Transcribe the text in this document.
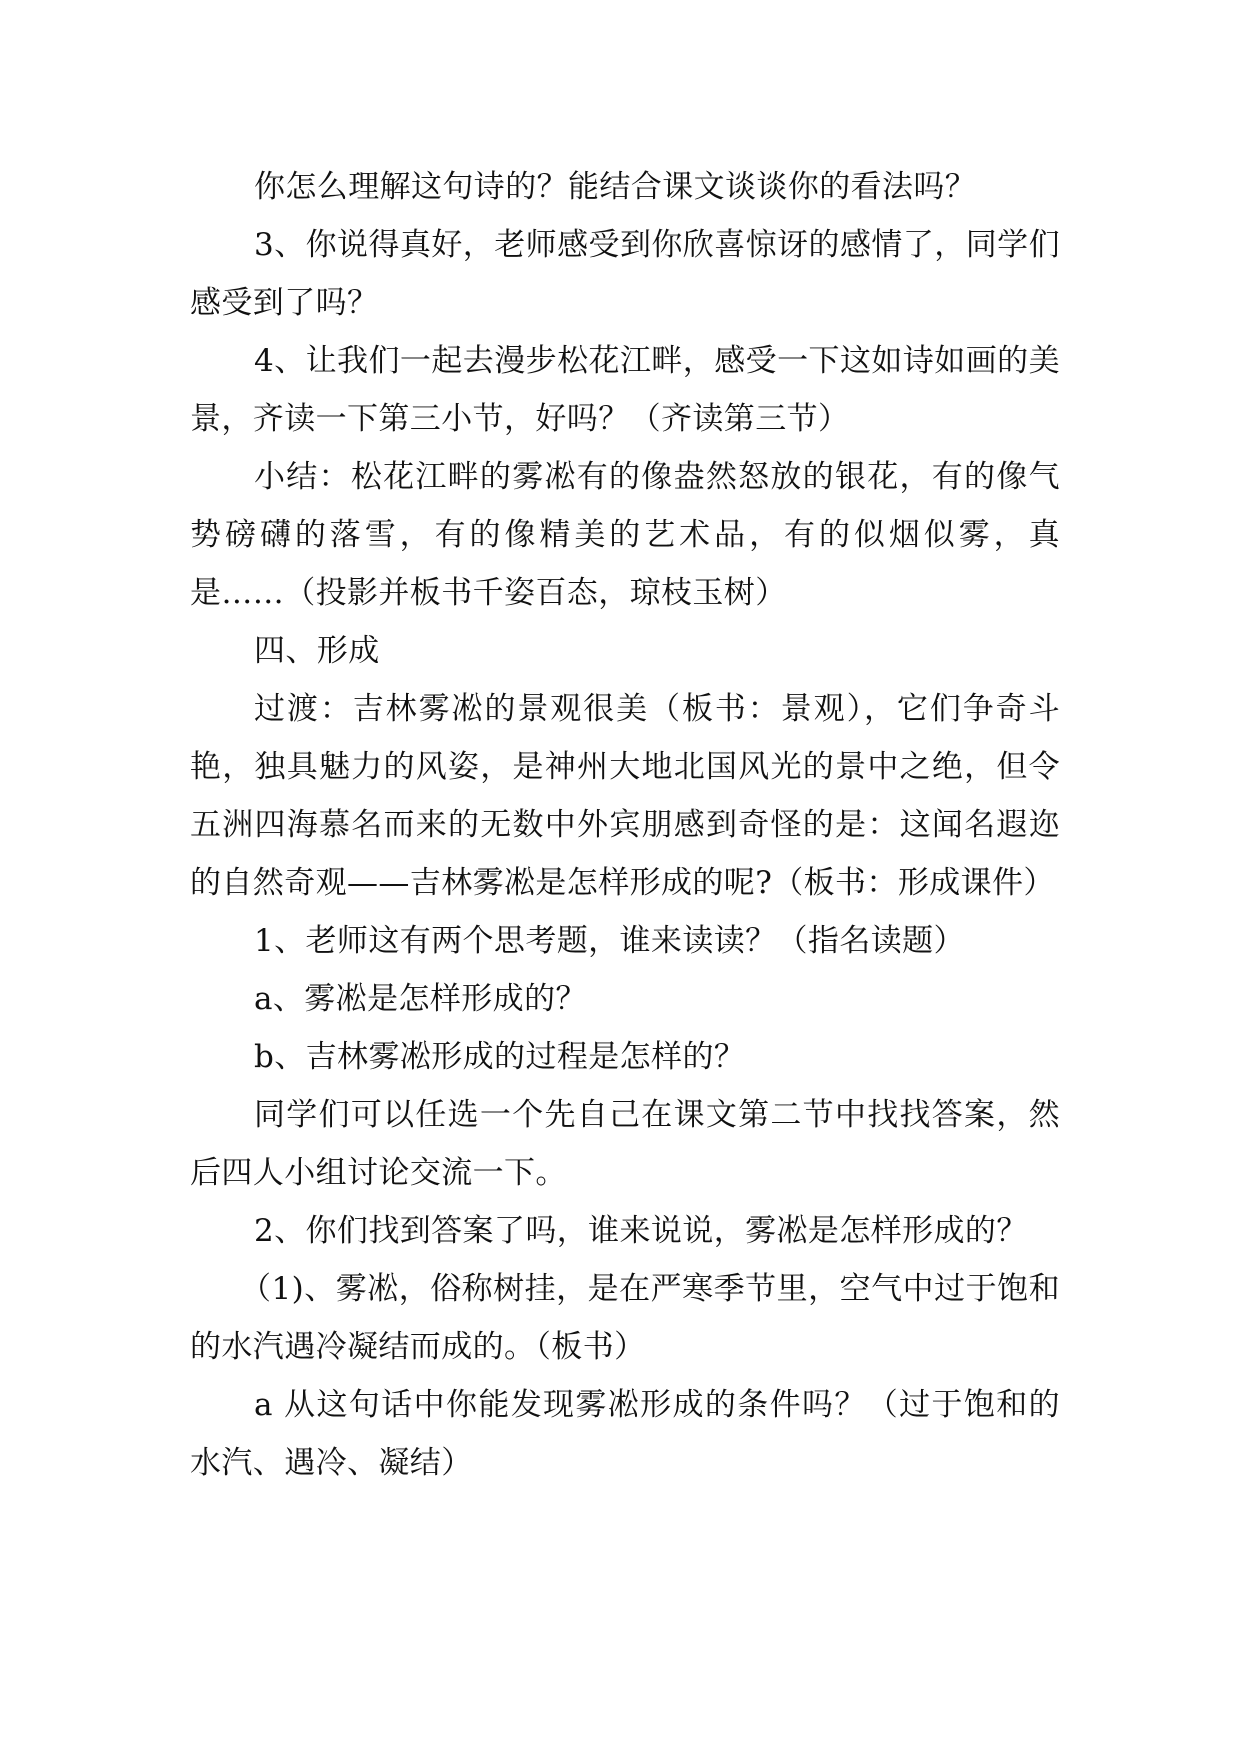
你怎么理解这句诗的？能结合课文谈谈你的看法吗？

3、你说得真好，老师感受到你欣喜惊讶的感情了，同学们感受到了吗？

4、让我们一起去漫步松花江畔，感受一下这如诗如画的美景，齐读一下第三小节，好吗？（齐读第三节）

小结：松花江畔的雾凇有的像盎然怒放的银花，有的像气势磅礴的落雪，有的像精美的艺术品，有的似烟似雾，真是……（投影并板书千姿百态，琼枝玉树）

四、形成

过渡：吉林雾凇的景观很美（板书：景观），它们争奇斗艳，独具魅力的风姿，是神州大地北国风光的景中之绝，但令五洲四海慕名而来的无数中外宾朋感到奇怪的是：这闻名遐迩的自然奇观——吉林雾凇是怎样形成的呢?（板书：形成课件）

1、老师这有两个思考题，谁来读读？（指名读题）

a、雾凇是怎样形成的？

b、吉林雾凇形成的过程是怎样的？

同学们可以任选一个先自己在课文第二节中找找答案，然后四人小组讨论交流一下。

2、你们找到答案了吗，谁来说说，雾凇是怎样形成的？

（1)、雾凇，俗称树挂，是在严寒季节里，空气中过于饱和的水汽遇冷凝结而成的。（板书）

a 从这句话中你能发现雾凇形成的条件吗？（过于饱和的水汽、遇冷、凝结）
